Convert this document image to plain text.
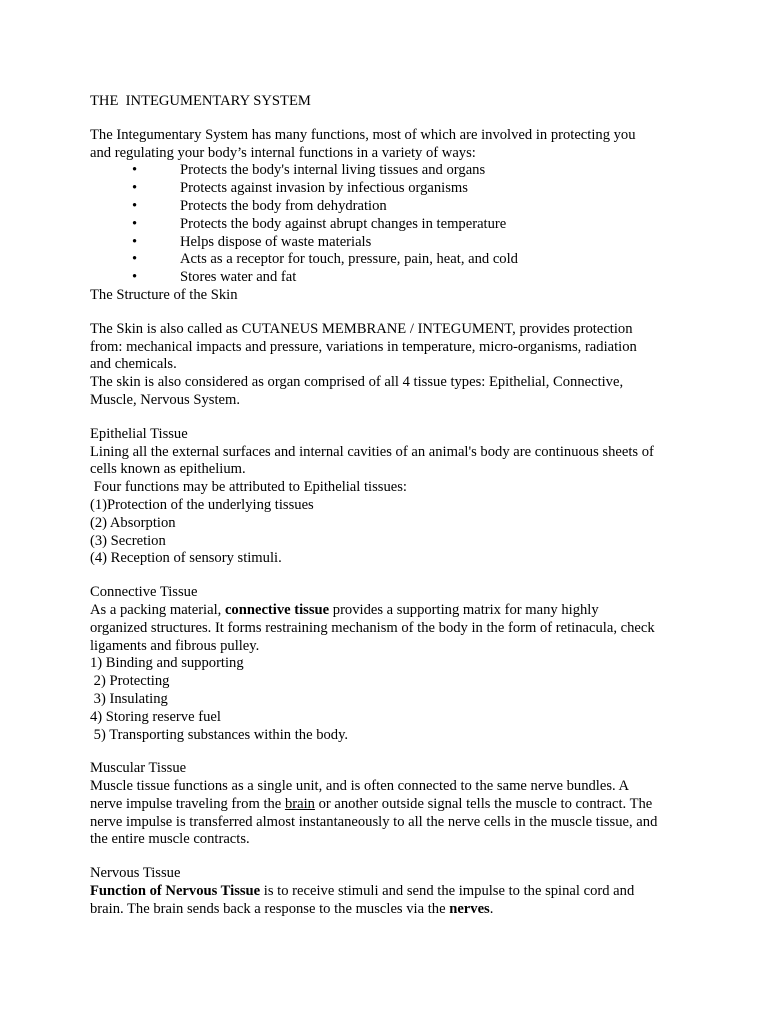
THE  INTEGUMENTARY SYSTEM

The Integumentary System has many functions, most of which are involved in protecting you

and regulating your body’s internal functions in a variety of ways:

•	Protects the body's internal living tissues and organs
•	Protects against invasion by infectious organisms
•	Protects the body from dehydration
•	Protects the body against abrupt changes in temperature
•	Helps dispose of waste materials
•	Acts as a receptor for touch, pressure, pain, heat, and cold
•	Stores water and fat

The Structure of the Skin

The Skin is also called as CUTANEUS MEMBRANE / INTEGUMENT, provides protection

from: mechanical impacts and pressure, variations in temperature, micro-organisms, radiation

and chemicals.

The skin is also considered as organ comprised of all 4 tissue types: Epithelial, Connective,

Muscle, Nervous System.

Epithelial Tissue

Lining all the external surfaces and internal cavities of an animal's body are continuous sheets of

cells known as epithelium.

Four functions may be attributed to Epithelial tissues:

(1)Protection of the underlying tissues

(2) Absorption

(3) Secretion

(4) Reception of sensory stimuli.

Connective Tissue

As a packing material, connective tissue provides a supporting matrix for many highly

organized structures. It forms restraining mechanism of the body in the form of retinacula, check

ligaments and fibrous pulley.

1) Binding and supporting

2) Protecting

3) Insulating

4) Storing reserve fuel

5) Transporting substances within the body.

Muscular Tissue

Muscle tissue functions as a single unit, and is often connected to the same nerve bundles. A

nerve impulse traveling from the brain or another outside signal tells the muscle to contract. The

nerve impulse is transferred almost instantaneously to all the nerve cells in the muscle tissue, and

the entire muscle contracts.

Nervous Tissue

Function of Nervous Tissue is to receive stimuli and send the impulse to the spinal cord and

brain. The brain sends back a response to the muscles via the nerves.
